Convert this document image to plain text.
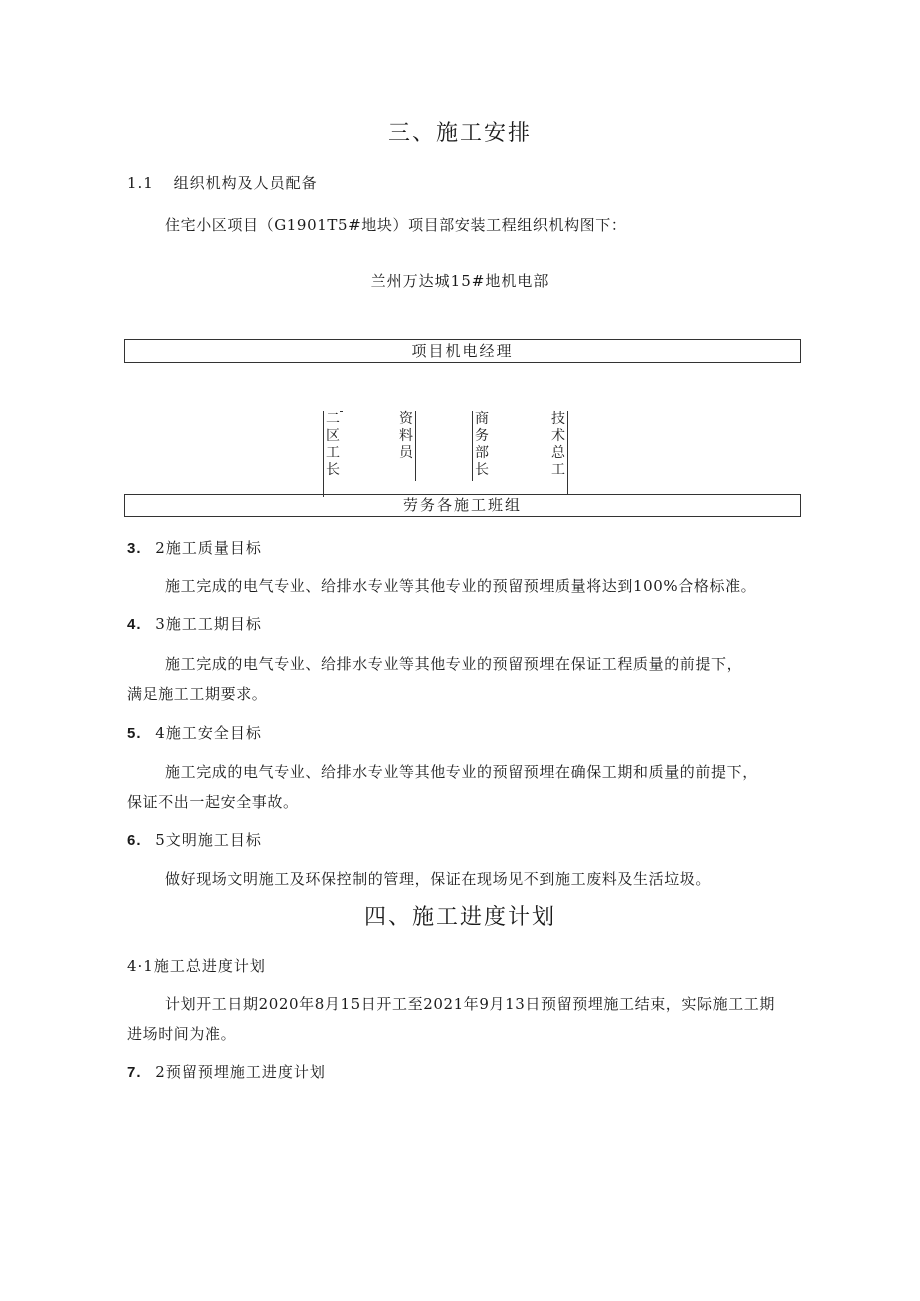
三、施工安排
1.1 组织机构及人员配备
住宅小区项目（G1901T5#地块）项目部安装工程组织机构图下：
兰州万达城15#地机电部
项目机电经理
二区工长
资料员
商务部长
技术总工
劳务各施工班组
3. 2施工质量目标
施工完成的电气专业、给排水专业等其他专业的预留预埋质量将达到100%合格标准。
4. 3施工工期目标
施工完成的电气专业、给排水专业等其他专业的预留预埋在保证工程质量的前提下，
满足施工工期要求。
5. 4施工安全目标
施工完成的电气专业、给排水专业等其他专业的预留预埋在确保工期和质量的前提下，
保证不出一起安全事故。
6. 5文明施工目标
做好现场文明施工及环保控制的管理，保证在现场见不到施工废料及生活垃圾。
四、施工进度计划
4·1施工总进度计划
计划开工日期2020年8月15日开工至2021年9月13日预留预埋施工结束，实际施工工期
进场时间为准。
7. 2预留预埋施工进度计划
